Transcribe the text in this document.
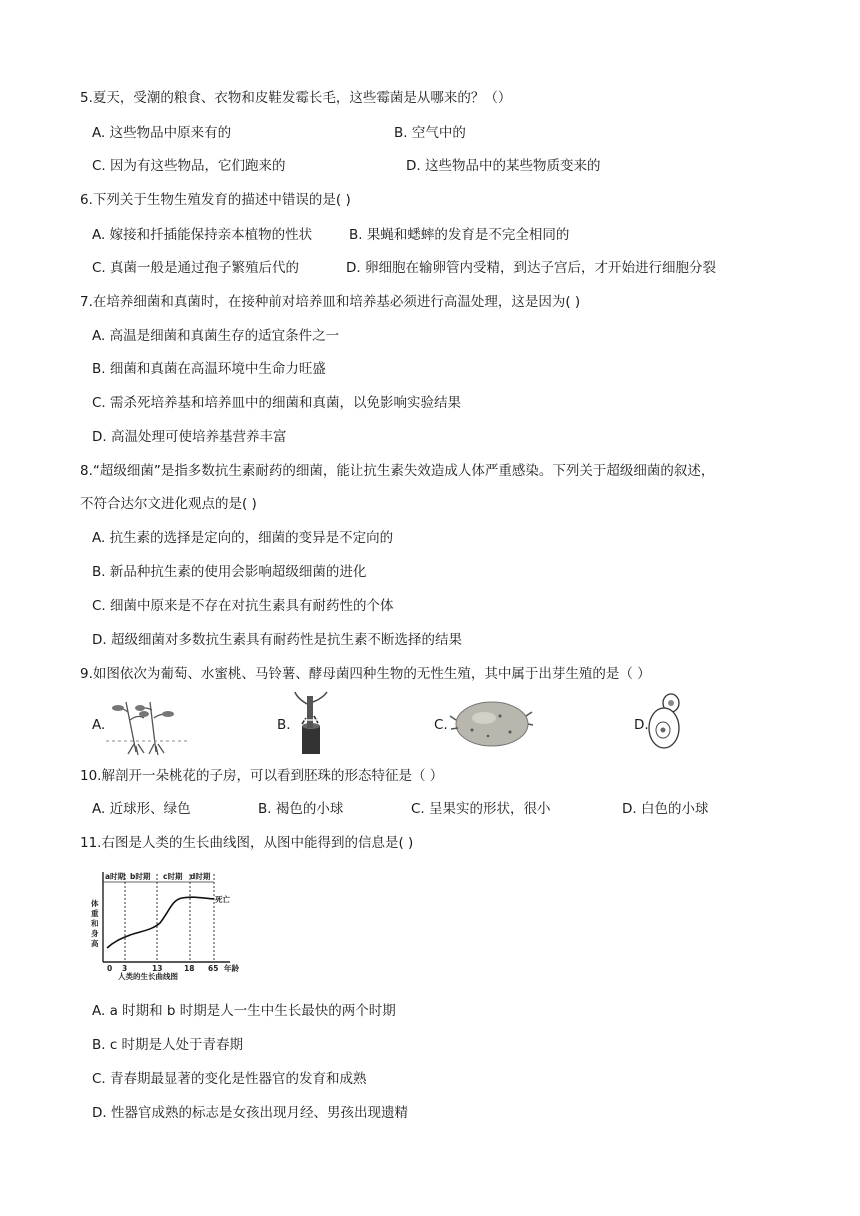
5.夏天，受潮的粮食、衣物和皮鞋发霉长毛，这些霉菌是从哪来的？（）
A. 这些物品中原来有的	B. 空气中的
C. 因为有这些物品，它们跑来的	D. 这些物品中的某些物质变来的
6.下列关于生物生殖发育的描述中错误的是( )
A. 嫁接和扦插能保持亲本植物的性状	B. 果蝇和蟋蟀的发育是不完全相同的
C. 真菌一般是通过孢子繁殖后代的	D. 卵细胞在输卵管内受精，到达子宫后，才开始进行细胞分裂
7.在培养细菌和真菌时，在接种前对培养皿和培养基必须进行高温处理，这是因为( )
A. 高温是细菌和真菌生存的适宜条件之一
B. 细菌和真菌在高温环境中生命力旺盛
C. 需杀死培养基和培养皿中的细菌和真菌，以免影响实验结果
D. 高温处理可使培养基营养丰富
8.“超级细菌”是指多数抗生素耐药的细菌，能让抗生素失效造成人体严重感染。下列关于超级细菌的叙述，
不符合达尔文进化观点的是( )
A. 抗生素的选择是定向的，细菌的变异是不定向的
B. 新品种抗生素的使用会影响超级细菌的进化
C. 细菌中原来是不存在对抗生素具有耐药性的个体
D. 超级细菌对多数抗生素具有耐药性是抗生素不断选择的结果
9.如图依次为葡萄、水蜜桃、马铃薯、酵母菌四种生物的无性生殖，其中属于出芽生殖的是（ ）
A.	B.	C.	D.
10.解剖开一朵桃花的子房，可以看到胚珠的形态特征是（ ）
A. 近球形、绿色	B. 褐色的小球	C. 呈果实的形状，很小	D. 白色的小球
11.右图是人类的生长曲线图，从图中能得到的信息是( )
a时期 b时期 c时期 d时期
死亡
体
重
和
身
高
0 3	13	18 65 年龄
人类的生长曲线图
A. a 时期和 b 时期是人一生中生长最快的两个时期
B. c 时期是人处于青春期
C. 青春期最显著的变化是性器官的发育和成熟
D. 性器官成熟的标志是女孩出现月经、男孩出现遗精
